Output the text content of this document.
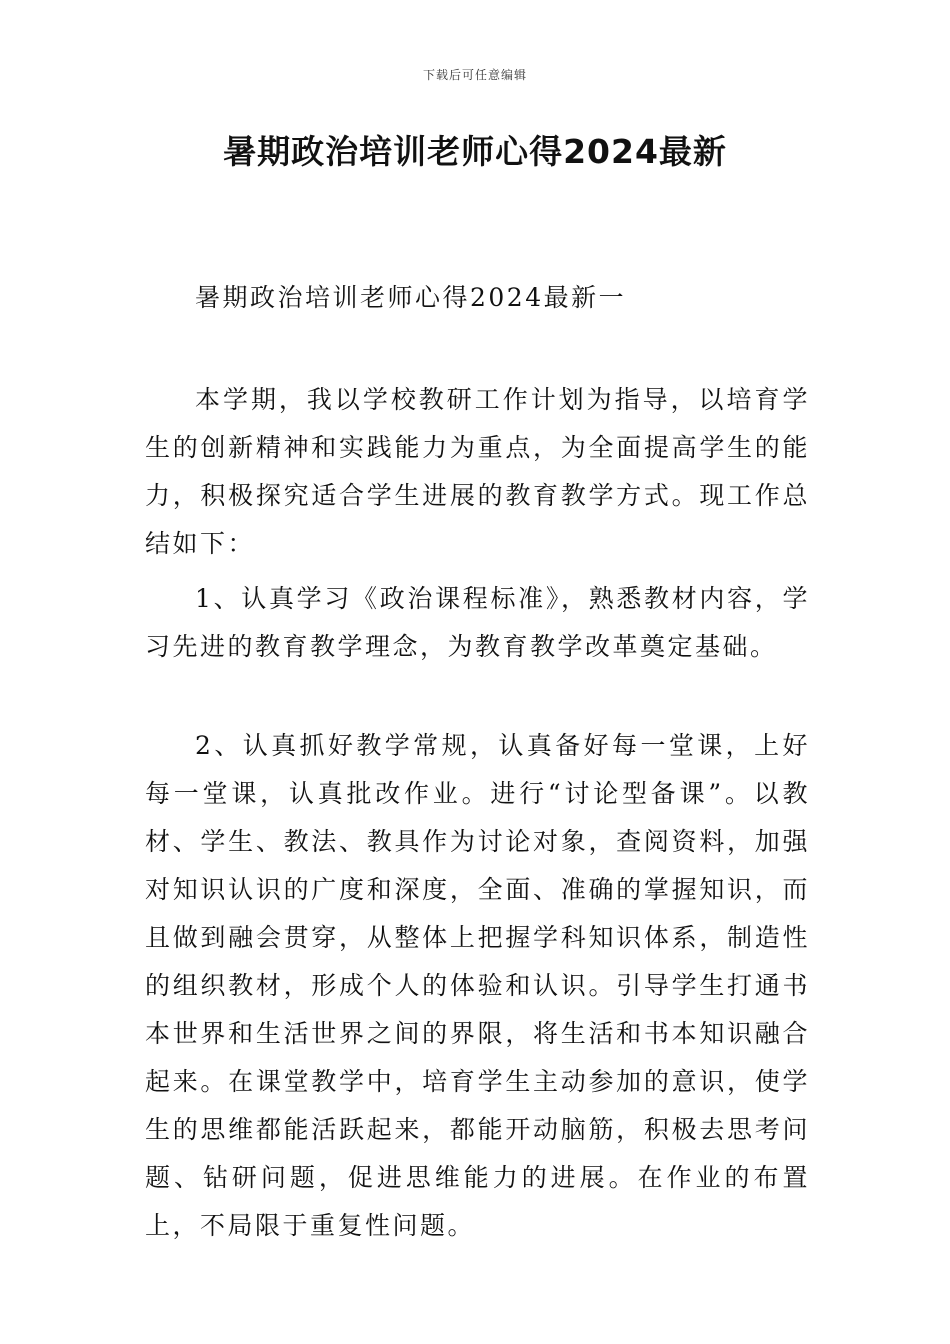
下载后可任意编辑
暑期政治培训老师心得2024最新

暑期政治培训老师心得2024最新一

本学期，我以学校教研工作计划为指导，以培育学生的创新精神和实践能力为重点，为全面提高学生的能力，积极探究适合学生进展的教育教学方式。现工作总结如下：

1、认真学习《政治课程标准》，熟悉教材内容，学习先进的教育教学理念，为教育教学改革奠定基础。

2、认真抓好教学常规，认真备好每一堂课，上好每一堂课，认真批改作业。进行“讨论型备课”。以教材、学生、教法、教具作为讨论对象，查阅资料，加强对知识认识的广度和深度，全面、准确的掌握知识，而且做到融会贯穿，从整体上把握学科知识体系，制造性的组织教材，形成个人的体验和认识。引导学生打通书本世界和生活世界之间的界限，将生活和书本知识融合起来。在课堂教学中，培育学生主动参加的意识，使学生的思维都能活跃起来，都能开动脑筋，积极去思考问题、钻研问题，促进思维能力的进展。在作业的布置上，不局限于重复性问题。
